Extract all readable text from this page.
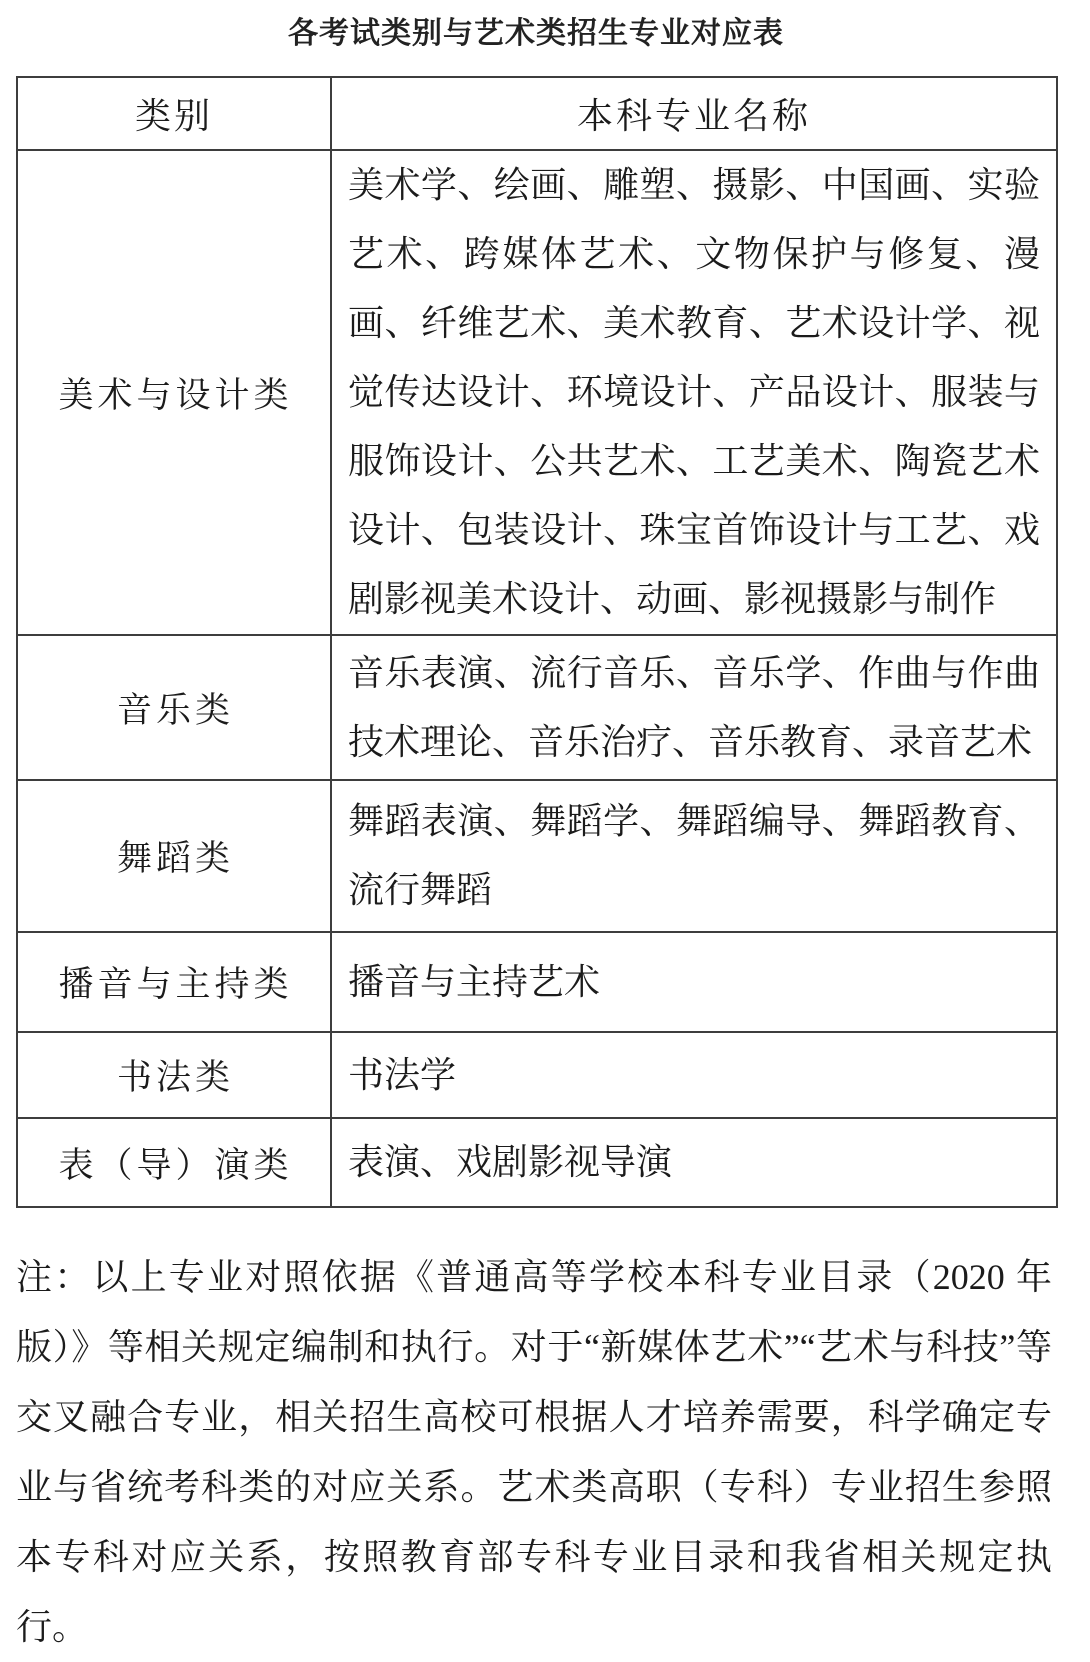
各考试类别与艺术类招生专业对应表
类别	本科专业名称
美术与设计类	美术学、绘画、雕塑、摄影、中国画、实验艺术、跨媒体艺术、文物保护与修复、漫画、纤维艺术、美术教育、艺术设计学、视觉传达设计、环境设计、产品设计、服装与服饰设计、公共艺术、工艺美术、陶瓷艺术设计、包装设计、珠宝首饰设计与工艺、戏剧影视美术设计、动画、影视摄影与制作
音乐类	音乐表演、流行音乐、音乐学、作曲与作曲技术理论、音乐治疗、音乐教育、录音艺术
舞蹈类	舞蹈表演、舞蹈学、舞蹈编导、舞蹈教育、流行舞蹈
播音与主持类	播音与主持艺术
书法类	书法学
表（导）演类	表演、戏剧影视导演

注：以上专业对照依据《普通高等学校本科专业目录（2020 年版）》等相关规定编制和执行。对于“新媒体艺术”“艺术与科技”等交叉融合专业，相关招生高校可根据人才培养需要，科学确定专业与省统考科类的对应关系。艺术类高职（专科）专业招生参照本专科对应关系，按照教育部专科专业目录和我省相关规定执行。
